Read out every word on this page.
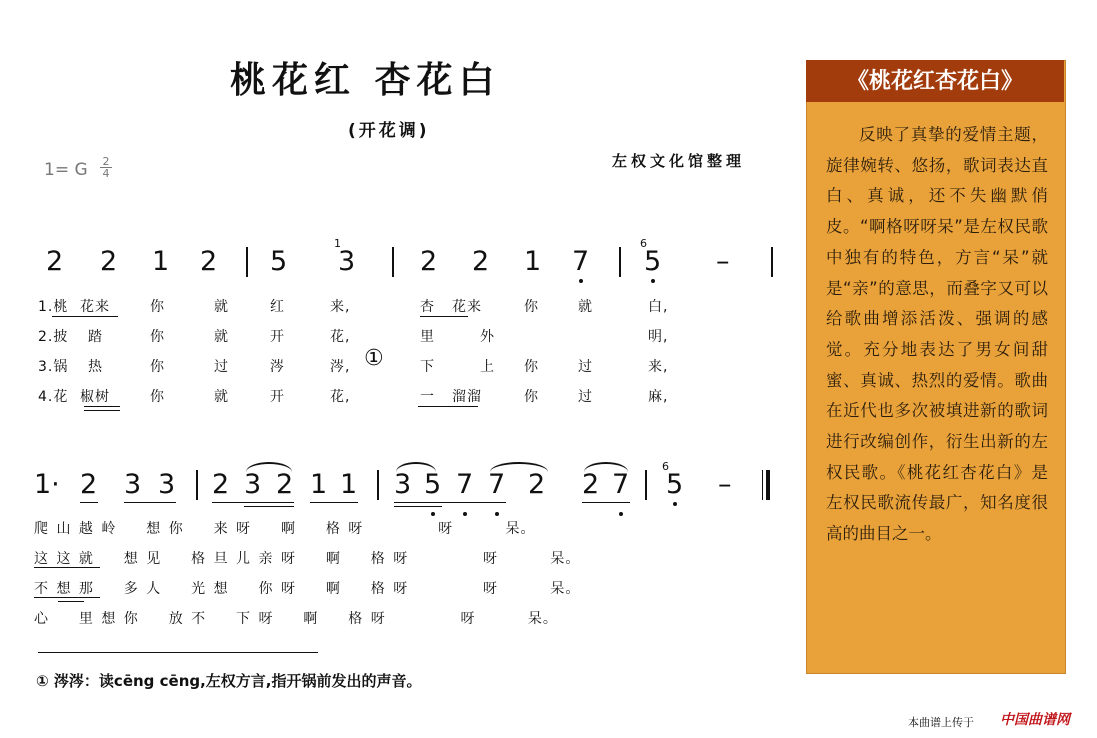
桃花红 杏花白
(开花调)
1= G 2
4
左权文化馆整理
2 2 1 2 5
1
3 2 2 1 7
6
5 –
1.桃 花来	你	就	红	来,	杏 花来	你	就	白,
2.披 踏	你	就	开	花,	里	外	明,
3.锅 热	你	过	涔	涔,	下	上 你	过	来,
4.花 椒树	你	就	开	花,	一 溜溜	你	过	麻,
①
1· 2 3 3 2 3 2 1 1 3 5 7 7 2 2 7
6
5 –
爬 山 越 岭 　 想 你 　 来 呀 　 啊 　 格 呀 　 　 　 呀 　 　 呆。
这 这 就 　 想 见 　 格 旦 儿 亲 呀 　 啊 　 格 呀 　 　 　 呀 　 　 呆。
不 想 那 　 多 人 　 光 想 　 你 呀 　 啊 　 格 呀 　 　 　 呀 　 　 呆。
心 　 里 想 你 　 放 不 　 下 呀 　 啊 　 格 呀 　 　 　 呀 　 　 呆。
① 涔涔：读cēng cēng,左权方言,指开锅前发出的声音。
《桃花红杏花白》
反映了真挚的爱情主题，旋律婉转、悠扬，歌词表达直白、真诚，还不失幽默俏皮。“啊格呀呀呆”是左权民歌中独有的特色，方言“呆”就是“亲”的意思，而叠字又可以给歌曲增添活泼、强调的感觉。充分地表达了男女间甜蜜、真诚、热烈的爱情。歌曲在近代也多次被填进新的歌词进行改编创作，衍生出新的左权民歌。《桃花红杏花白》是左权民歌流传最广，知名度很高的曲目之一。
本曲谱上传于 中国曲谱网
